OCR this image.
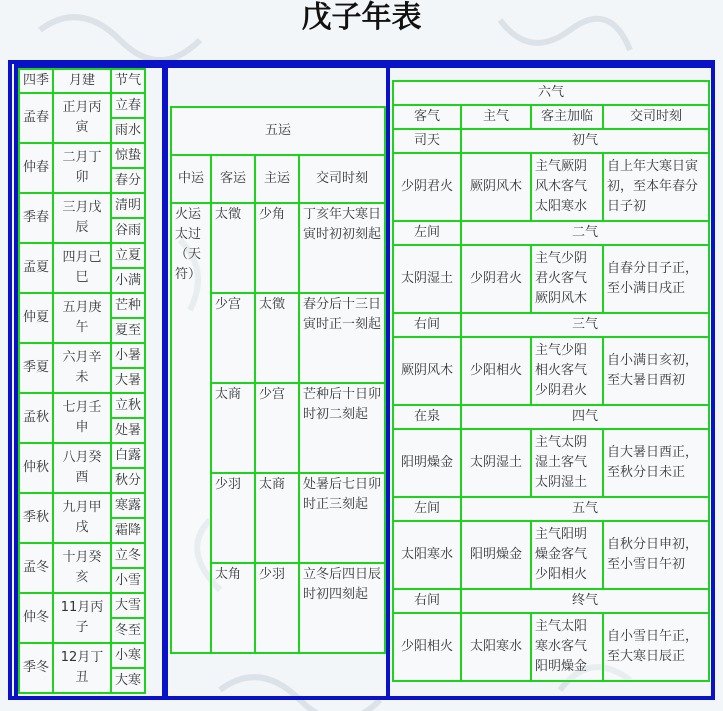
戊子年表
四季	月建	节气
孟春	正月丙寅	立春
		雨水
仲春	二月丁卯	惊蛰
		春分
季春	三月戊辰	清明
		谷雨
孟夏	四月己巳	立夏
		小满
仲夏	五月庚午	芒种
		夏至
季夏	六月辛未	小暑
		大暑
孟秋	七月壬申	立秋
		处暑
仲秋	八月癸酉	白露
		秋分
季秋	九月甲戌	寒露
		霜降
孟冬	十月癸亥	立冬
		小雪
仲冬	11月丙子	大雪
		冬至
季冬	12月丁丑	小寒
		大寒
五运			
中运	客运	主运	交司时刻
火运太过（天符）	太徵	少角	丁亥年大寒日寅时初初刻起
	少宫	太徵	春分后十三日寅时正一刻起
	太商	少宫	芒种后十日卯时初二刻起
	少羽	太商	处暑后七日卯时正三刻起
	太角	少羽	立冬后四日辰时初四刻起
六气			
客气	主气	客主加临	交司时刻
司天	初气		
少阴君火	厥阴风木	主气厥阴风木客气太阳寒水	自上年大寒日寅初，至本年春分日子初
左间	二气		
太阴湿土	少阴君火	主气少阴君火客气厥阴风木	自春分日子正，至小满日戌正
右间	三气		
厥阴风木	少阳相火	主气少阳相火客气少阴君火	自小满日亥初，至大暑日酉初
在泉	四气		
阳明燥金	太阴湿土	主气太阴湿土客气太阴湿土	自大暑日酉正，至秋分日未正
左间	五气		
太阳寒水	阳明燥金	主气阳明燥金客气少阳相火	自秋分日申初，至小雪日午初
右间	终气		
少阳相火	太阳寒水	主气太阳寒水客气阳明燥金	自小雪日午正，至大寒日辰正
